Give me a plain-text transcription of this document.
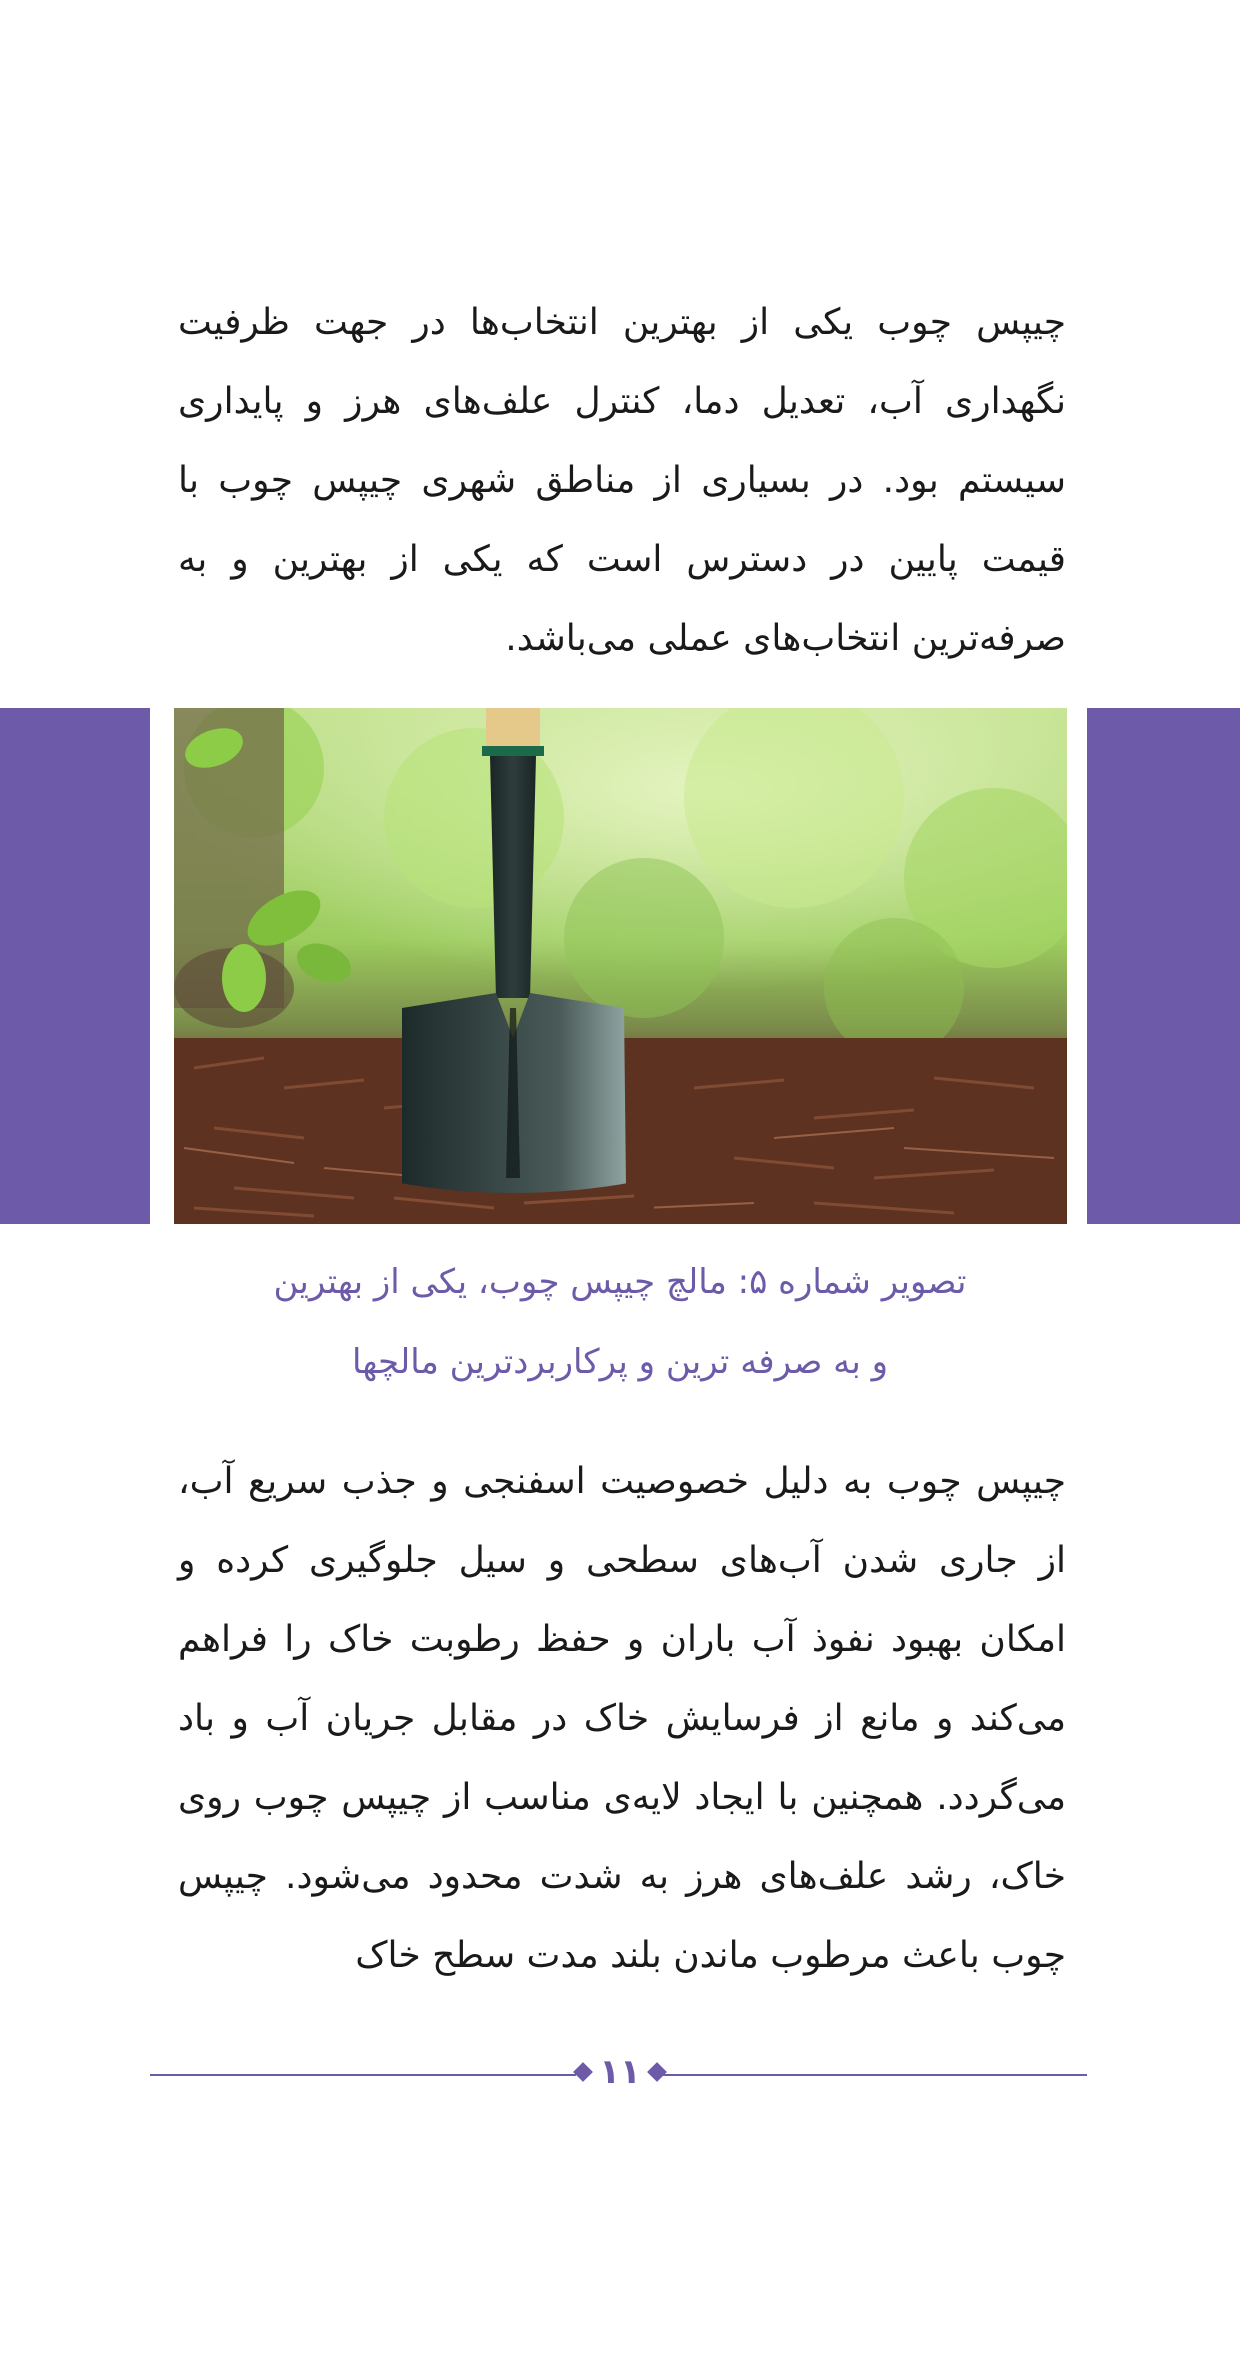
چیپس چوب یکی از بهترین انتخاب‌ها در جهت ظرفیت نگهداری آب، تعدیل دما، کنترل علف‌های هرز و پایداری سیستم بود. در بسیاری از مناطق شهری چیپس چوب با قیمت پایین در دسترس است که یکی از بهترین و به صرفه‌ترین انتخاب‌های عملی می‌باشد.

تصویر شماره ۵: مالچ چیپس چوب، یکی از بهترین
و به صرفه ترین و پرکاربردترین مالچها

چیپس چوب به دلیل خصوصیت اسفنجی و جذب سریع آب، از جاری شدن آب‌های سطحی و سیل جلوگیری کرده و امکان بهبود نفوذ آب باران و حفظ رطوبت خاک را فراهم می‌کند و مانع از فرسایش خاک در مقابل جریان آب و باد می‌گردد. همچنین با ایجاد لایه‌ی مناسب از چیپس چوب روی خاک، رشد علف‌های هرز به شدت محدود می‌شود. چیپس چوب باعث مرطوب ماندن بلند مدت سطح خاک

۱۱
